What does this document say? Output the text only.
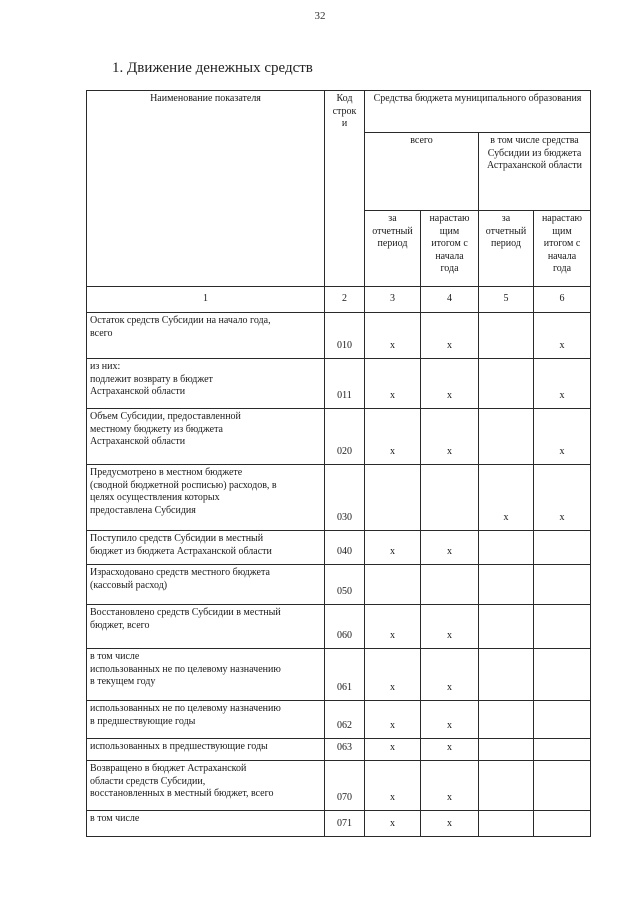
32
1. Движение денежных средств
Наименование показателя	Код
строк
и	Средства бюджета муниципального образования			
		всего		в том числе средства Субсидии из бюджета Астраханской области	
		за
отчетный
период	нарастаю
щим
итогом с
начала
года	за
отчетный
период	нарастаю
щим
итогом с
начала
года
1	2	3	4	5	6

Остаток средств Субсидии на начало года,
всего	010	x	x		x

из них:
подлежит возврату в бюджет
Астраханской области	011	x	x		x

Объем Субсидии, предоставленной
местному бюджету из бюджета
Астраханской области	020	x	x		x

Предусмотрено в местном бюджете
(сводной бюджетной росписью) расходов, в
целях осуществления которых
предоставлена Субсидия	030			x	x

Поступило средств Субсидии в местный
бюджет из бюджета Астраханской области	040	x	x		

Израсходовано средств местного бюджета
(кассовый расход)	050				

Восстановлено средств Субсидии в местный
бюджет, всего	060	x	x		

в том числе
использованных не по целевому назначению
в текущем году	061	x	x		

использованных не по целевому назначению
в предшествующие годы	062	x	x		

использованных в предшествующие годы	063	x	x		

Возвращено в бюджет Астраханской
области средств Субсидии,
восстановленных в местный бюджет, всего	070	x	x		

в том числе	071	x	x		
